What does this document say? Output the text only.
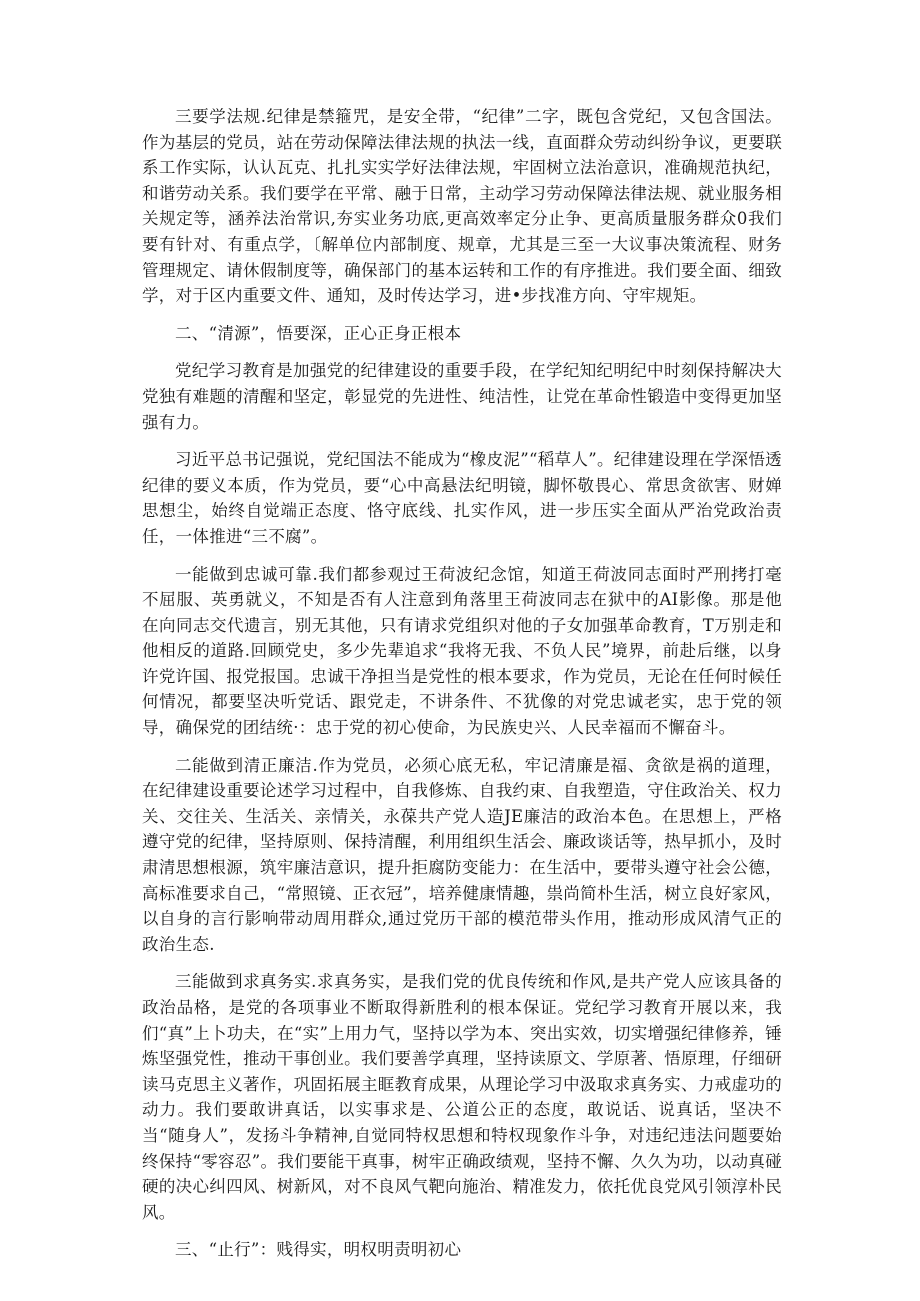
三要学法规.纪律是禁箍咒，是安全带，“纪律”二字，既包含党纪，又包含国法。作为基层的党员，站在劳动保障法律法规的执法一线，直面群众劳动纠纷争议，更要联系工作实际，认认瓦克、扎扎实实学好法律法规，牢固树立法治意识，准确规范执纪，和谐劳动关系。我们要学在平常、融于日常，主动学习劳动保障法律法规、就业服务相关规定等，涵养法治常识,夯实业务功底,更高效率定分止争、更高质量服务群众0我们要有针对、有重点学，〔解单位内部制度、规章，尤其是三至一大议事决策流程、财务管理规定、请休假制度等，确保部门的基本运转和工作的有序推进。我们要全面、细致学，对于区内重要文件、通知，及时传达学习，进•步找准方向、守牢规矩。

二、“清源”，悟要深，正心正身正根本

党纪学习教育是加强党的纪律建设的重要手段，在学纪知纪明纪中时刻保持解决大党独有难题的清醒和坚定，彰显党的先进性、纯洁性，让党在革命性锻造中变得更加坚强有力。

习近平总书记强说，党纪国法不能成为“橡皮泥”“稻草人”。纪律建设理在学深悟透纪律的要义本质，作为党员，要“心中高悬法纪明镜，脚怀敬畏心、常思贪欲害、财婵思想尘，始终自觉端正态度、恪守底线、扎实作风，进一步压实全面从严治党政治责任，一体推进“三不腐”。

一能做到忠诚可靠.我们都参观过王荷波纪念馆，知道王荷波同志面时严刑拷打毫不屈服、英勇就义，不知是否有人注意到角落里王荷波同志在狱中的AI影像。那是他在向同志交代遗言，别无其他，只有请求党组织对他的子女加强革命教育，T万别走和他相反的道路.回顾党史，多少先辈追求“我将无我、不负人民”境界，前赴后继，以身许党许国、报党报国。忠诚干净担当是党性的根本要求，作为党员，无论在任何时候任何情况，都要坚决听党话、跟党走，不讲条件、不犹像的对党忠诚老实，忠于党的领导，确保党的团结统·：忠于党的初心使命，为民族史兴、人民幸福而不懈奋斗。

二能做到清正廉洁.作为党员，必须心底无私，牢记清廉是福、贪欲是祸的道理，在纪律建设重要论述学习过程中，自我修炼、自我约束、自我塑造，守住政治关、权力关、交往关、生活关、亲情关，永葆共产党人造JE廉洁的政治本色。在思想上，严格遵守党的纪律，坚持原则、保持清醒，利用组织生活会、廉政谈话等，热早抓小，及时肃清思想根源，筑牢廉洁意识，提升拒腐防变能力：在生活中，要带头遵守社会公德，高标准要求自己，“常照镜、正衣冠”，培养健康情趣，祟尚简朴生活，树立良好家风，以自身的言行影响带动周用群众,通过党历干部的模范带头作用，推动形成风清气正的政治生态.

三能做到求真务实.求真务实，是我们党的优良传统和作风,是共产党人应该具备的政治品格，是党的各项事业不断取得新胜利的根本保证。党纪学习教育开展以来，我们“真”上卜功夫，在“实”上用力气，坚持以学为本、突出实效，切实增强纪律修养，锤炼坚强党性，推动干事创业。我们要善学真理，坚持读原文、学原著、悟原理，仔细研读马克思主义著作，巩固拓展主眶教育成果，从理论学习中汲取求真务实、力戒虚功的动力。我们要敢讲真话，以实事求是、公道公正的态度，敢说话、说真话，坚决不当“随身人”，发扬斗争精神,自觉同特权思想和特权现象作斗争，对违纪违法问题要始终保持“零容忍”。我们要能干真事，树牢正确政绩观，坚持不懈、久久为功，以动真碰硬的决心纠四风、树新风，对不良风气靶向施治、精准发力，依托优良党风引领淳朴民风。

三、“止行”：贱得实，明权明责明初心
